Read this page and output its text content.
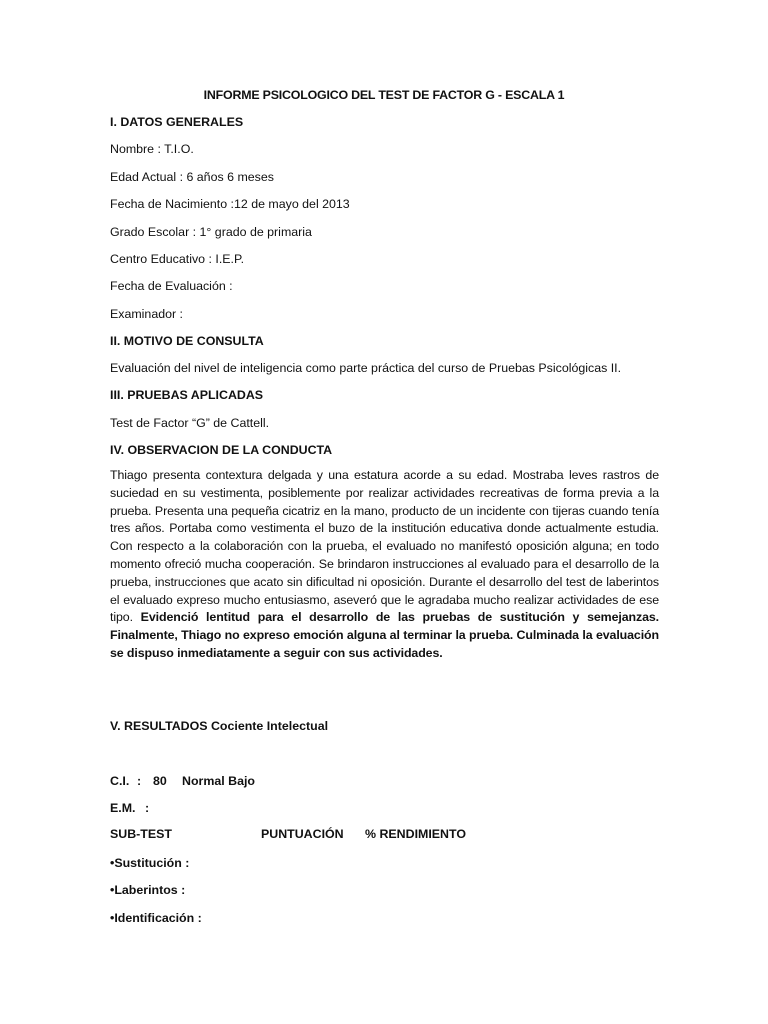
INFORME PSICOLOGICO DEL TEST DE FACTOR G - ESCALA 1
I. DATOS GENERALES
Nombre : T.I.O.
Edad Actual : 6 años 6 meses
Fecha de Nacimiento :12 de mayo del 2013
Grado Escolar : 1° grado de primaria
Centro Educativo : I.E.P.
Fecha de Evaluación :
Examinador :
II. MOTIVO DE CONSULTA
Evaluación del nivel de inteligencia como parte práctica del curso de Pruebas Psicológicas II.
III. PRUEBAS APLICADAS
Test de Factor “G” de Cattell.
IV. OBSERVACION DE LA CONDUCTA
Thiago presenta contextura delgada y una estatura acorde a su edad. Mostraba leves rastros de suciedad en su vestimenta, posiblemente por realizar actividades recreativas de forma previa a la prueba. Presenta una pequeña cicatriz en la mano, producto de un incidente con tijeras cuando tenía tres años. Portaba como vestimenta el buzo de la institución educativa donde actualmente estudia. Con respecto a la colaboración con la prueba, el evaluado no manifestó oposición alguna; en todo momento ofreció mucha cooperación. Se brindaron instrucciones al evaluado para el desarrollo de la prueba, instrucciones que acato sin dificultad ni oposición. Durante el desarrollo del test de laberintos el evaluado expreso mucho entusiasmo, aseveró que le agradaba mucho realizar actividades de ese tipo. Evidenció lentitud para el desarrollo de las pruebas de sustitución y semejanzas. Finalmente, Thiago no expreso emoción alguna al terminar la prueba. Culminada la evaluación se dispuso inmediatamente a seguir con sus actividades.
V. RESULTADOS Cociente Intelectual
C.I. : 80 Normal Bajo
E.M. :
SUB-TEST	PUNTUACIÓN % RENDIMIENTO
•Sustitución :
•Laberintos :
•Identificación :
